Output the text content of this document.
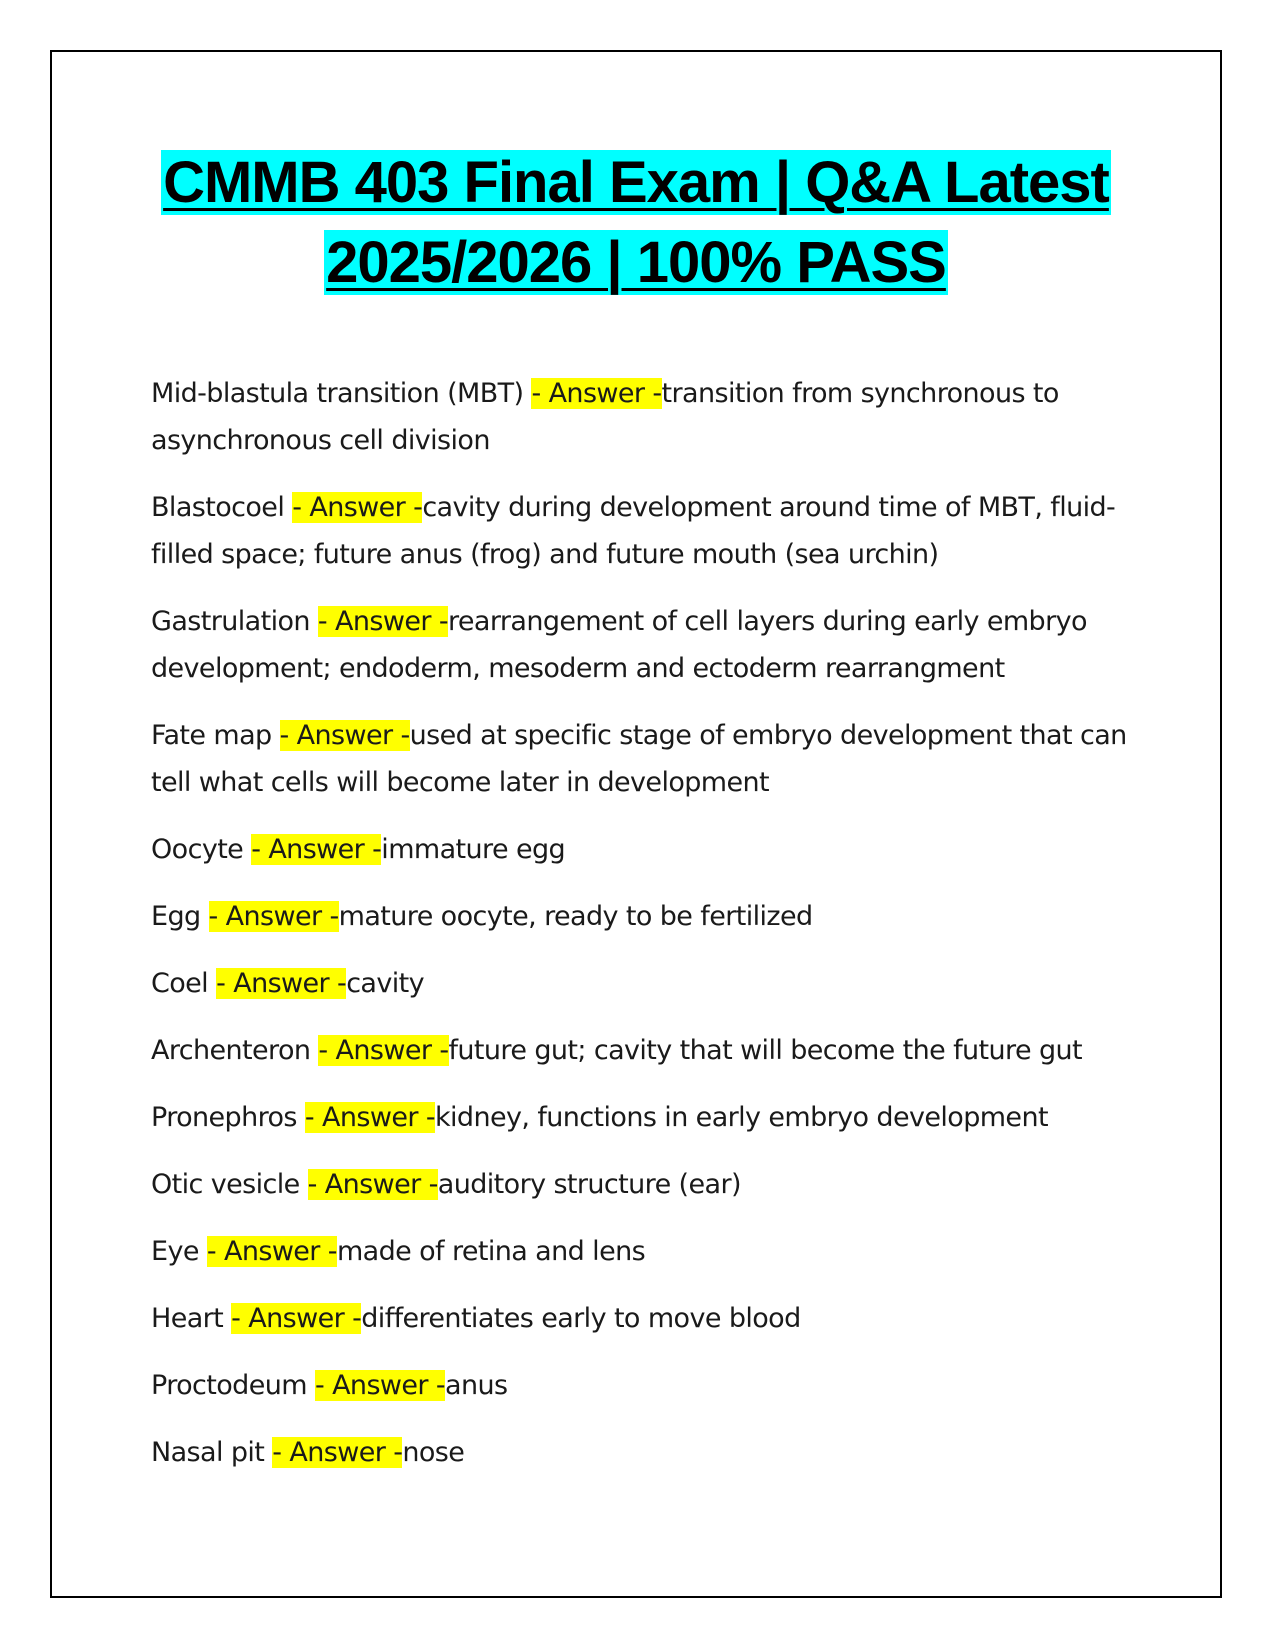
CMMB 403 Final Exam | Q&A Latest
2025/2026 | 100% PASS

Mid-blastula transition (MBT) - Answer -transition from synchronous to asynchronous cell division

Blastocoel - Answer -cavity during development around time of MBT, fluid-filled space; future anus (frog) and future mouth (sea urchin)

Gastrulation - Answer -rearrangement of cell layers during early embryo development; endoderm, mesoderm and ectoderm rearrangment

Fate map - Answer -used at specific stage of embryo development that can tell what cells will become later in development

Oocyte - Answer -immature egg

Egg - Answer -mature oocyte, ready to be fertilized

Coel - Answer -cavity

Archenteron - Answer -future gut; cavity that will become the future gut

Pronephros - Answer -kidney, functions in early embryo development

Otic vesicle - Answer -auditory structure (ear)

Eye - Answer -made of retina and lens

Heart - Answer -differentiates early to move blood

Proctodeum - Answer -anus

Nasal pit - Answer -nose
